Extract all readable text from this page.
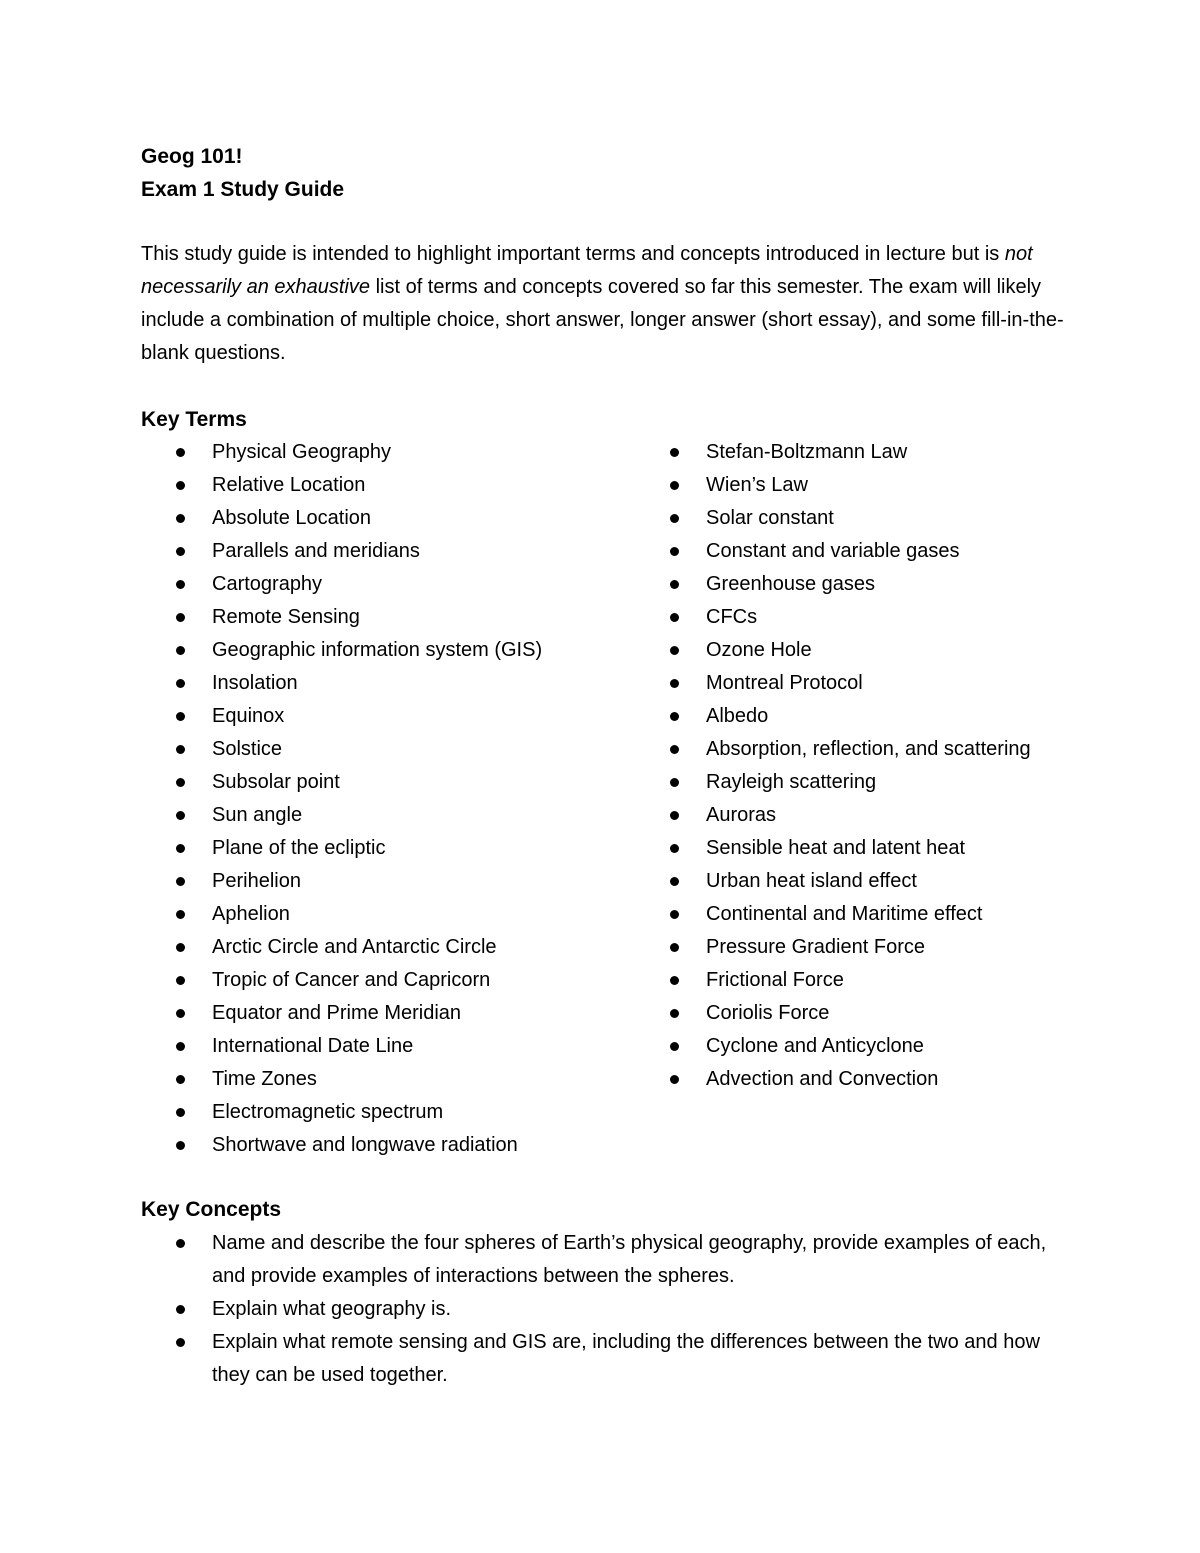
Geog 101!
Exam 1 Study Guide

This study guide is intended to highlight important terms and concepts introduced in lecture but is not necessarily an exhaustive list of terms and concepts covered so far this semester. The exam will likely include a combination of multiple choice, short answer, longer answer (short essay), and some fill-in-the-blank questions.

Key Terms
Physical Geography
Relative Location
Absolute Location
Parallels and meridians
Cartography
Remote Sensing
Geographic information system (GIS)
Insolation
Equinox
Solstice
Subsolar point
Sun angle
Plane of the ecliptic
Perihelion
Aphelion
Arctic Circle and Antarctic Circle
Tropic of Cancer and Capricorn
Equator and Prime Meridian
International Date Line
Time Zones
Electromagnetic spectrum
Shortwave and longwave radiation
Stefan-Boltzmann Law
Wien’s Law
Solar constant
Constant and variable gases
Greenhouse gases
CFCs
Ozone Hole
Montreal Protocol
Albedo
Absorption, reflection, and scattering
Rayleigh scattering
Auroras
Sensible heat and latent heat
Urban heat island effect
Continental and Maritime effect
Pressure Gradient Force
Frictional Force
Coriolis Force
Cyclone and Anticyclone
Advection and Convection
Key Concepts
Name and describe the four spheres of Earth’s physical geography, provide examples of each, and provide examples of interactions between the spheres.
Explain what geography is.
Explain what remote sensing and GIS are, including the differences between the two and how they can be used together.
